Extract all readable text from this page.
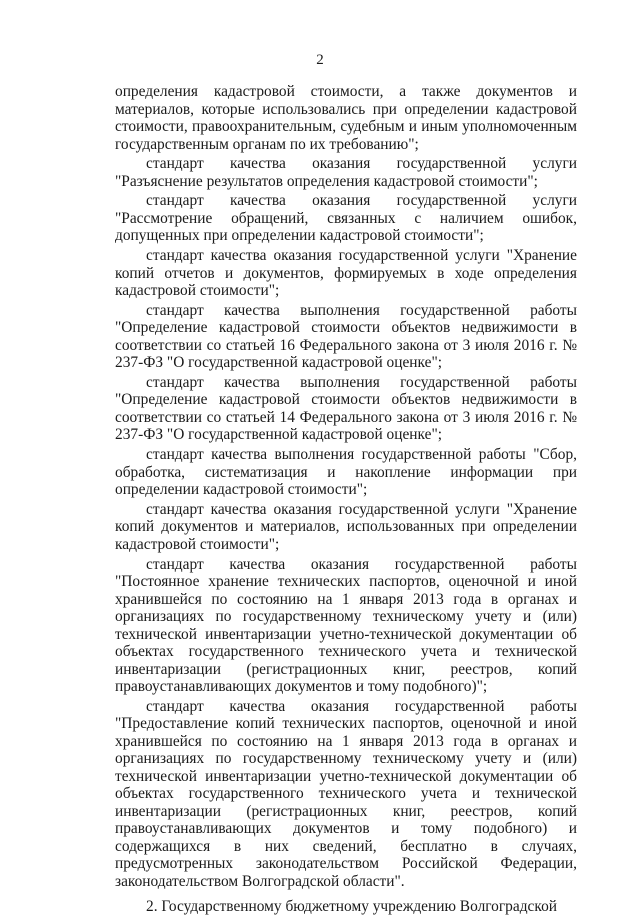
2

определения кадастровой стоимости, а также документов и материалов, которые использовались при определении кадастровой стоимости, правоохранительным, судебным и иным уполномоченным государственным органам по их требованию";

стандарт качества оказания государственной услуги "Разъяснение результатов определения кадастровой стоимости";

стандарт качества оказания государственной услуги "Рассмотрение обращений, связанных с наличием ошибок, допущенных при определении кадастровой стоимости";

стандарт качества оказания государственной услуги "Хранение копий отчетов и документов, формируемых в ходе определения кадастровой стоимости";

стандарт качества выполнения государственной работы "Определение кадастровой стоимости объектов недвижимости в соответствии со статьей 16 Федерального закона от 3 июля 2016 г. № 237-ФЗ "О государственной кадастровой оценке";

стандарт качества выполнения государственной работы "Определение кадастровой стоимости объектов недвижимости в соответствии со статьей 14 Федерального закона от 3 июля 2016 г. № 237-ФЗ "О государственной кадастровой оценке";

стандарт качества выполнения государственной работы "Сбор, обработка, систематизация и накопление информации при определении кадастровой стоимости";

стандарт качества оказания государственной услуги "Хранение копий документов и материалов, использованных при определении кадастровой стоимости";

стандарт качества оказания государственной работы "Постоянное хранение технических паспортов, оценочной и иной хранившейся по состоянию на 1 января 2013 года в органах и организациях по государственному техническому учету и (или) технической инвентаризации учетно-технической документации об объектах государственного технического учета и технической инвентаризации (регистрационных книг, реестров, копий правоустанавливающих документов и тому подобного)";

стандарт качества оказания государственной работы "Предоставление копий технических паспортов, оценочной и иной хранившейся по состоянию на 1 января 2013 года в органах и организациях по государственному техническому учету и (или) технической инвентаризации учетно-технической документации об объектах государственного технического учета и технической инвентаризации (регистрационных книг, реестров, копий правоустанавливающих документов и тому подобного) и содержащихся в них сведений, бесплатно в случаях, предусмотренных законодательством Российской Федерации, законодательством Волгоградской области".

2. Государственному бюджетному учреждению Волгоградской
